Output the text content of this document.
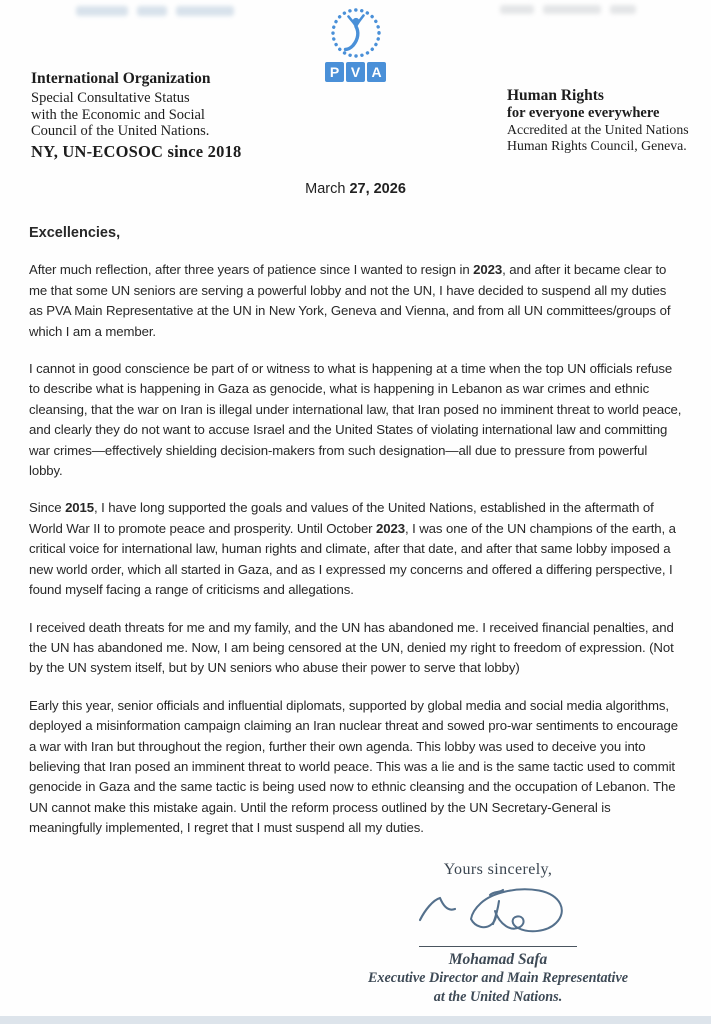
P V A
International Organization
Special Consultative Status
with the Economic and Social
Council of the United Nations.
NY, UN-ECOSOC since 2018
Human Rights
for everyone everywhere
Accredited at the United Nations
Human Rights Council, Geneva.
March 27, 2026

Excellencies,

After much reflection, after three years of patience since I wanted to resign in 2023, and after it became clear to me that some UN seniors are serving a powerful lobby and not the UN, I have decided to suspend all my duties as PVA Main Representative at the UN in New York, Geneva and Vienna, and from all UN committees/groups of which I am a member.

I cannot in good conscience be part of or witness to what is happening at a time when the top UN officials refuse to describe what is happening in Gaza as genocide, what is happening in Lebanon as war crimes and ethnic cleansing, that the war on Iran is illegal under international law, that Iran posed no imminent threat to world peace, and clearly they do not want to accuse Israel and the United States of violating international law and committing war crimes—effectively shielding decision-makers from such designation—all due to pressure from powerful lobby.

Since 2015, I have long supported the goals and values of the United Nations, established in the aftermath of World War II to promote peace and prosperity. Until October 2023, I was one of the UN champions of the earth, a critical voice for international law, human rights and climate, after that date, and after that same lobby imposed a new world order, which all started in Gaza, and as I expressed my concerns and offered a differing perspective, I found myself facing a range of criticisms and allegations.

I received death threats for me and my family, and the UN has abandoned me. I received financial penalties, and the UN has abandoned me. Now, I am being censored at the UN, denied my right to freedom of expression. (Not by the UN system itself, but by UN seniors who abuse their power to serve that lobby)

Early this year, senior officials and influential diplomats, supported by global media and social media algorithms, deployed a misinformation campaign claiming an Iran nuclear threat and sowed pro-war sentiments to encourage a war with Iran but throughout the region, further their own agenda. This lobby was used to deceive you into believing that Iran posed an imminent threat to world peace. This was a lie and is the same tactic used to commit genocide in Gaza and the same tactic is being used now to ethnic cleansing and the occupation of Lebanon. The UN cannot make this mistake again. Until the reform process outlined by the UN Secretary-General is meaningfully implemented, I regret that I must suspend all my duties.

Yours sincerely,
Mohamad Safa
Executive Director and Main Representative
at the United Nations.
